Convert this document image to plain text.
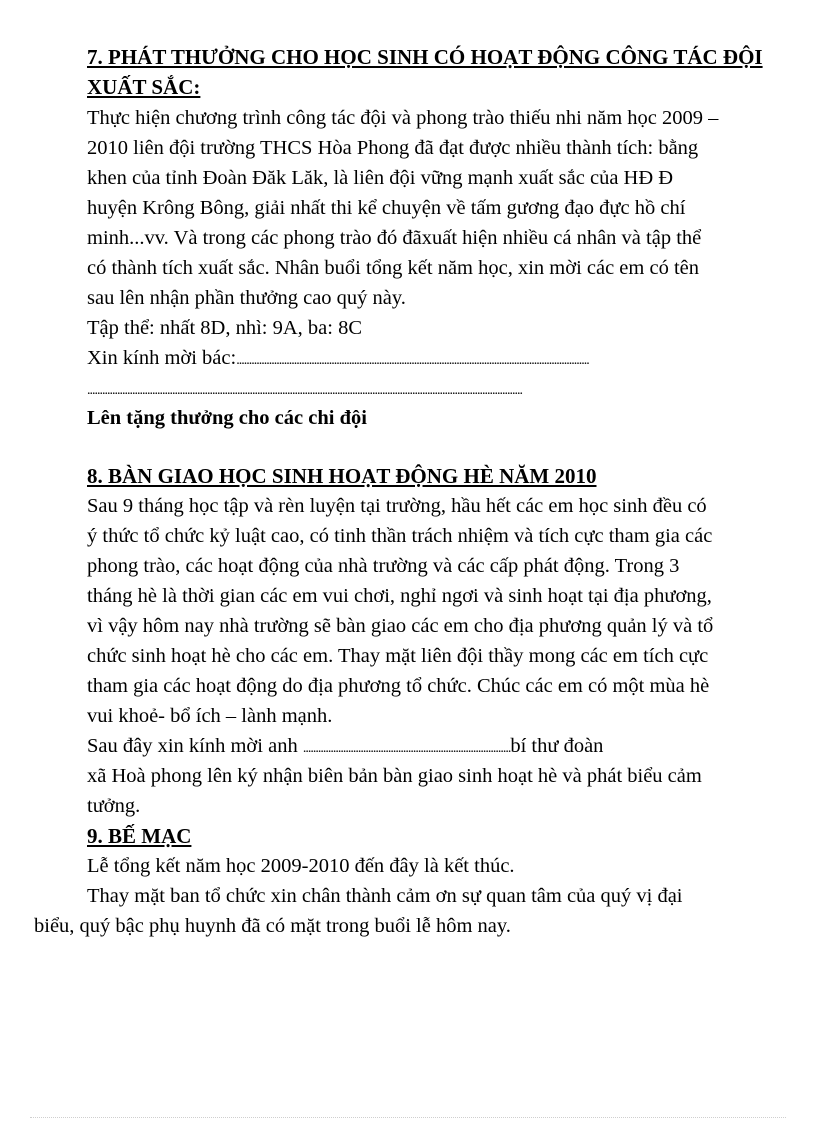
7. PHÁT THƯỞNG CHO HỌC SINH CÓ HOẠT ĐỘNG CÔNG TÁC ĐỘI
XUẤT SẮC:
Thực hiện chương trình công tác đội và phong trào thiếu nhi năm học 2009 –
2010 liên đội trường THCS Hòa Phong đã đạt được nhiều thành tích: bằng
khen của tỉnh Đoàn Đăk Lăk, là liên đội vững mạnh xuất sắc của HĐ Đ
huyện Krông Bông, giải nhất thi kể chuyện về tấm gương đạo đực hồ chí
minh...vv. Và trong các phong trào đó đãxuất hiện nhiều cá nhân và tập thể
có thành tích xuất sắc. Nhân buổi tổng kết năm học, xin mời các em có tên
sau lên nhận phần thưởng cao quý này.
Tập thể: nhất 8D, nhì: 9A, ba: 8C
Xin kính mời bác:.............................................................................................................................................
..............................................................................................................................................................................
Lên tặng thưởng cho các chi đội
8. BÀN GIAO HỌC SINH HOẠT ĐỘNG HÈ NĂM 2010
Sau 9 tháng học tập và rèn luyện tại trường, hầu hết các em học sinh đều có
ý thức tổ chức kỷ luật cao, có tinh thần trách nhiệm và tích cực tham gia các
phong trào, các hoạt động của nhà trường và các cấp phát động. Trong 3
tháng hè là thời gian các em vui chơi, nghỉ ngơi và sinh hoạt tại địa phương,
vì vậy hôm nay nhà trường sẽ bàn giao các em cho địa phương quản lý và tổ
chức sinh hoạt hè cho các em. Thay mặt liên đội thầy mong các em tích cực
tham gia các hoạt động do địa phương tổ chức. Chúc các em có một mùa hè
vui khoẻ- bổ ích – lành mạnh.
Sau đây xin kính mời anh ...................................................................................bí thư đoàn
xã Hoà phong lên ký nhận biên bản bàn giao sinh hoạt hè và phát biểu cảm
tưởng.
9. BẾ MẠC
Lễ tổng kết năm học 2009-2010 đến đây là kết thúc.
Thay mặt ban tổ chức xin chân thành cảm ơn sự quan tâm của quý vị đại
biểu, quý bậc phụ huynh đã có mặt trong buổi lễ hôm nay.
